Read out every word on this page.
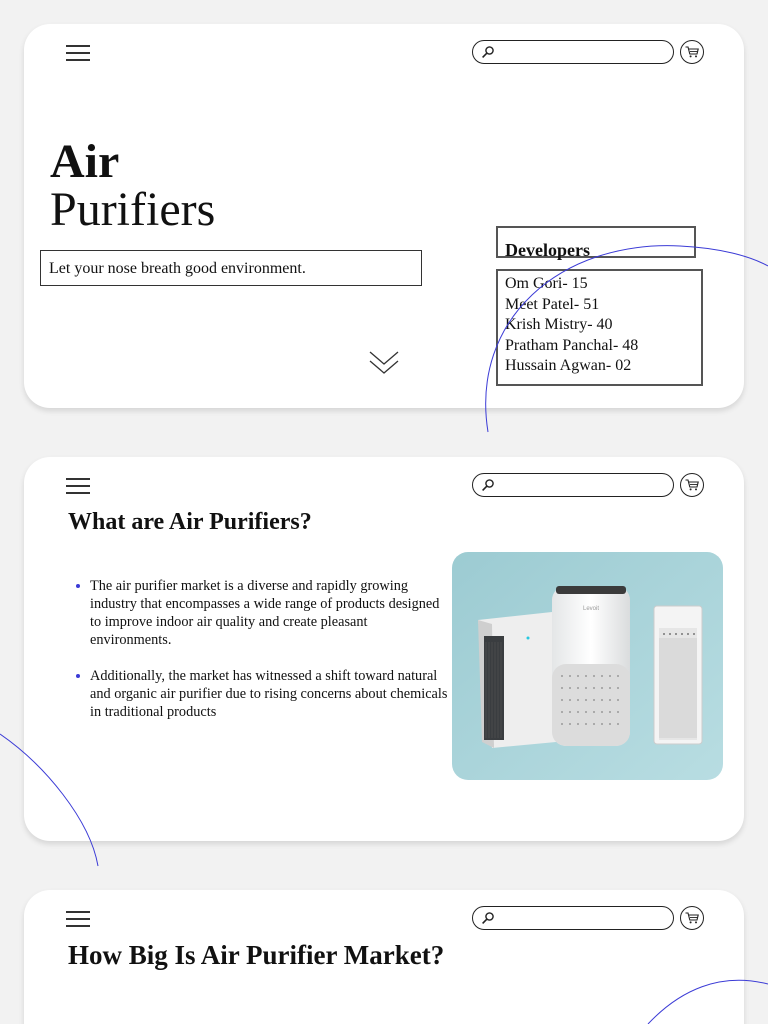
Air
Purifiers
Let your nose breath good environment.
Developers
Om Gori- 15
Meet Patel- 51
Krish Mistry- 40
Pratham Panchal- 48
Hussain Agwan- 02
What are Air Purifiers?
The air purifier market is a diverse and rapidly growing industry that encompasses a wide range of products designed to improve indoor air quality and create pleasant environments.
Additionally, the market has witnessed a shift toward natural and organic air purifier due to rising concerns about chemicals in traditional products
Levoit
How Big Is Air Purifier Market?
